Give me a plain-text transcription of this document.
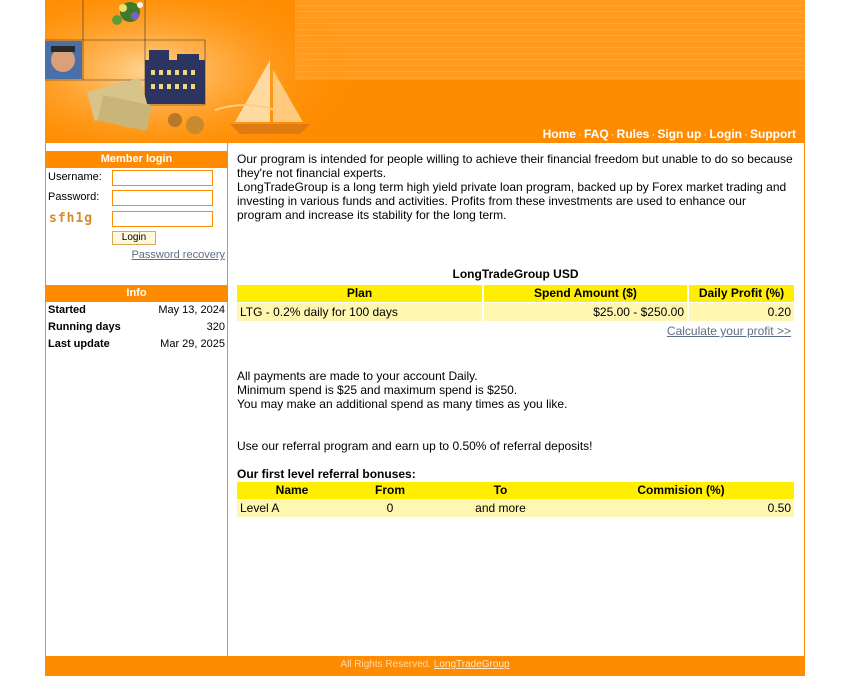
Home · FAQ · Rules · Sign up · Login · Support
Member login
Username:
Password:
sfh1g
Login
Password recovery
Info
Started	May 13, 2024
Running days	320
Last update	Mar 29, 2025
Our program is intended for people willing to achieve their financial freedom but unable to do so because they're not financial experts.
LongTradeGroup is a long term high yield private loan program, backed up by Forex market trading and investing in various funds and activities. Profits from these investments are used to enhance our program and increase its stability for the long term.
LongTradeGroup USD
Plan	Spend Amount ($)	Daily Profit (%)
LTG - 0.2% daily for 100 days	$25.00 - $250.00	0.20
Calculate your profit >>
All payments are made to your account Daily.
Minimum spend is $25 and maximum spend is $250.
You may make an additional spend as many times as you like.
Use our referral program and earn up to 0.50% of referral deposits!
Our first level referral bonuses:
Name	From	To	Commision (%)
Level A	0	and more	0.50
All Rights Reserved. LongTradeGroup
